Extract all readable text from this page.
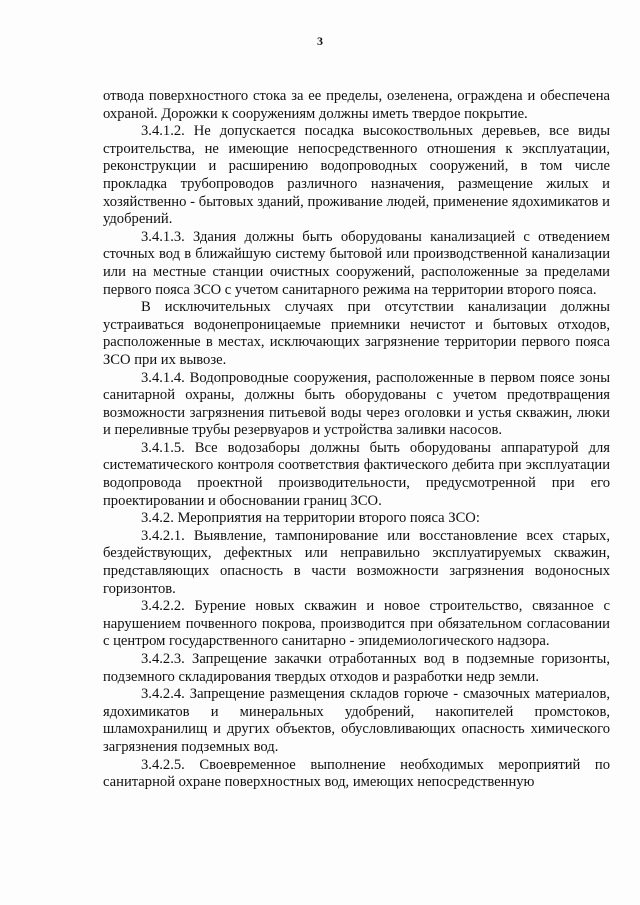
3

отвода поверхностного стока за ее пределы, озеленена, ограждена и обеспечена охраной. Дорожки к сооружениям должны иметь твердое покрытие.

3.4.1.2. Не допускается посадка высокоствольных деревьев, все виды строительства, не имеющие непосредственного отношения к эксплуатации, реконструкции и расширению водопроводных сооружений, в том числе прокладка трубопроводов различного назначения, размещение жилых и хозяйственно - бытовых зданий, проживание людей, применение ядохимикатов и удобрений.

3.4.1.3. Здания должны быть оборудованы канализацией с отведением сточных вод в ближайшую систему бытовой или производственной канализации или на местные станции очистных сооружений, расположенные за пределами первого пояса ЗСО с учетом санитарного режима на территории второго пояса.

В исключительных случаях при отсутствии канализации должны устраиваться водонепроницаемые приемники нечистот и бытовых отходов, расположенные в местах, исключающих загрязнение территории первого пояса ЗСО при их вывозе.

3.4.1.4. Водопроводные сооружения, расположенные в первом поясе зоны санитарной охраны, должны быть оборудованы с учетом предотвращения возможности загрязнения питьевой воды через оголовки и устья скважин, люки и переливные трубы резервуаров и устройства заливки насосов.

3.4.1.5. Все водозаборы должны быть оборудованы аппаратурой для систематического контроля соответствия фактического дебита при эксплуатации водопровода проектной производительности, предусмотренной при его проектировании и обосновании границ ЗСО.

3.4.2. Мероприятия на территории второго пояса ЗСО:

3.4.2.1. Выявление, тампонирование или восстановление всех старых, бездействующих, дефектных или неправильно эксплуатируемых скважин, представляющих опасность в части возможности загрязнения водоносных горизонтов.

3.4.2.2. Бурение новых скважин и новое строительство, связанное с нарушением почвенного покрова, производится при обязательном согласовании с центром государственного санитарно - эпидемиологического надзора.

3.4.2.3. Запрещение закачки отработанных вод в подземные горизонты, подземного складирования твердых отходов и разработки недр земли.

3.4.2.4. Запрещение размещения складов горюче - смазочных материалов, ядохимикатов и минеральных удобрений, накопителей промстоков, шламохранилищ и других объектов, обусловливающих опасность химического загрязнения подземных вод.

3.4.2.5. Своевременное выполнение необходимых мероприятий по санитарной охране поверхностных вод, имеющих непосредственную
